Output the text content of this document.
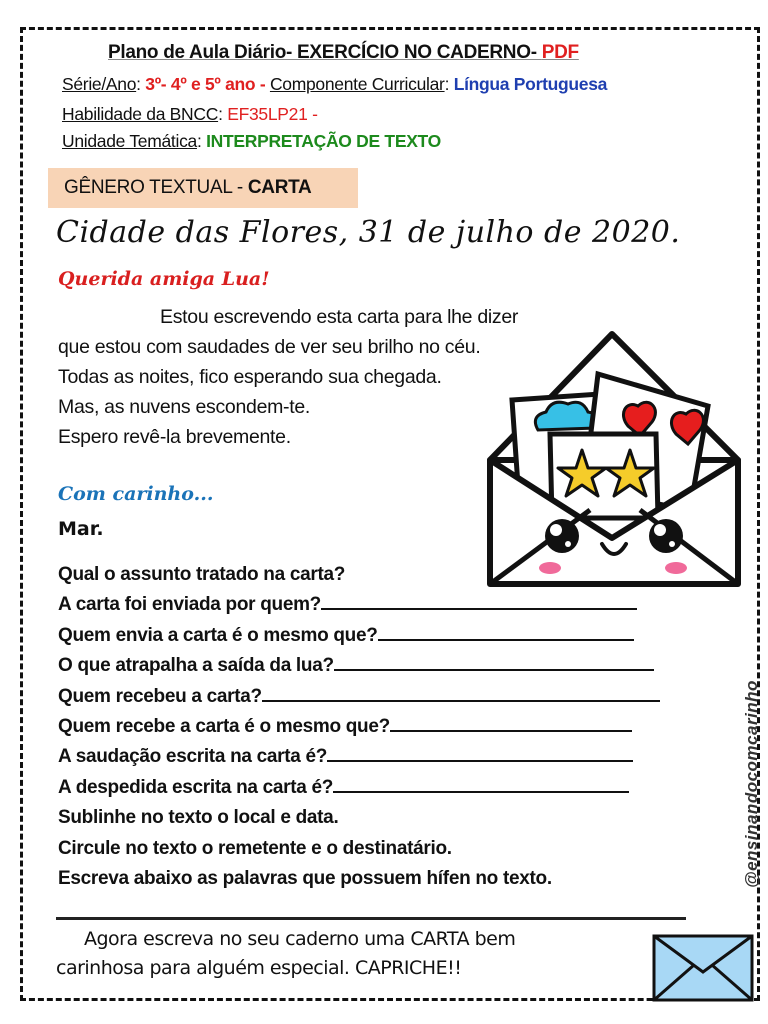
Plano de Aula Diário- EXERCÍCIO NO CADERNO- PDF
Série/Ano: 3º- 4º e 5º ano - Componente Curricular: Língua Portuguesa
Habilidade da BNCC: EF35LP21 -
Unidade Temática: INTERPRETAÇÃO DE TEXTO
GÊNERO TEXTUAL - CARTA
Cidade das Flores, 31 de julho de 2020.
Querida amiga Lua!
Estou escrevendo esta carta para lhe dizer
que estou com saudades de ver seu brilho no céu.
Todas as noites, fico esperando sua chegada.
Mas, as nuvens escondem-te.
Espero revê-la brevemente.
Com carinho...
Mar.
Qual o assunto tratado na carta?
A carta foi enviada por quem?
Quem envia a carta é o mesmo que?
O que atrapalha a saída da lua?
Quem recebeu a carta?
Quem recebe a carta é o mesmo que?
A saudação escrita na carta é?
A despedida escrita na carta é?
Sublinhe no texto o local e data.
Circule no texto o remetente e o destinatário.
Escreva abaixo as palavras que possuem hífen no texto.
Agora escreva no seu caderno uma CARTA bem
carinhosa para alguém especial. CAPRICHE!!
@ensinandocomcarinho
